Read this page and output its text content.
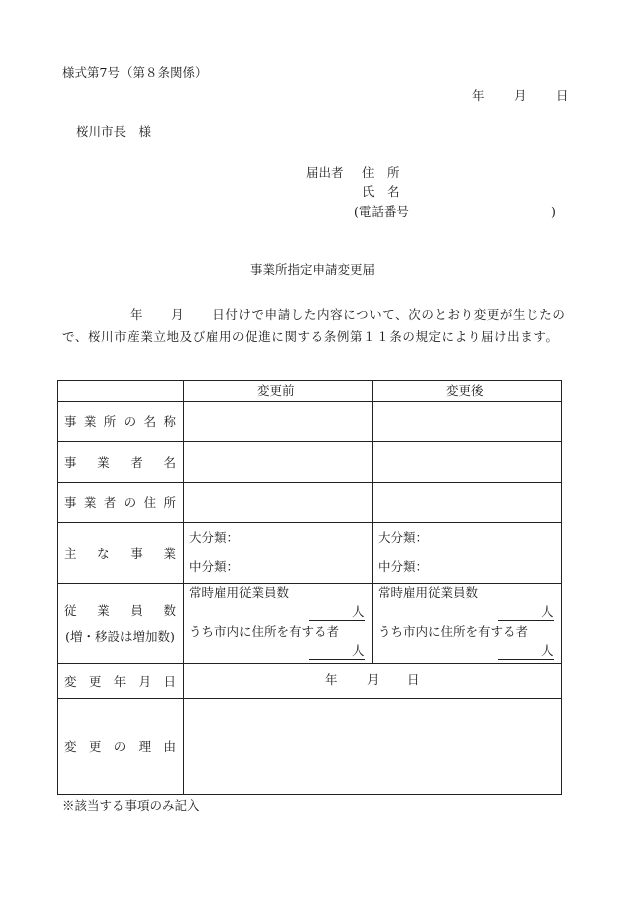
様式第7号（第８条関係）
年 月 日
桜川市長　様
届出者 住　所
氏　名
(電話番号	)
事業所指定申請変更届
年 月 日付けで申請した内容について、次のとおり変更が生じたので、桜川市産業立地及び雇用の促進に関する条例第１１条の規定により届け出ます。
変更前	変更後
事 業 所 の 名 称
事 業 者 名
事 業 者 の 住 所
主 な 事 業
従 業 員 数
(増・移設は増加数)
変 更 年 月 日
変 更 の 理 由
大分類：
中分類：
大分類：
中分類：
常時雇用従業員数
人
うち市内に住所を有する者
人
常時雇用従業員数
人
うち市内に住所を有する者
人
年 月 日
※該当する事項のみ記入
